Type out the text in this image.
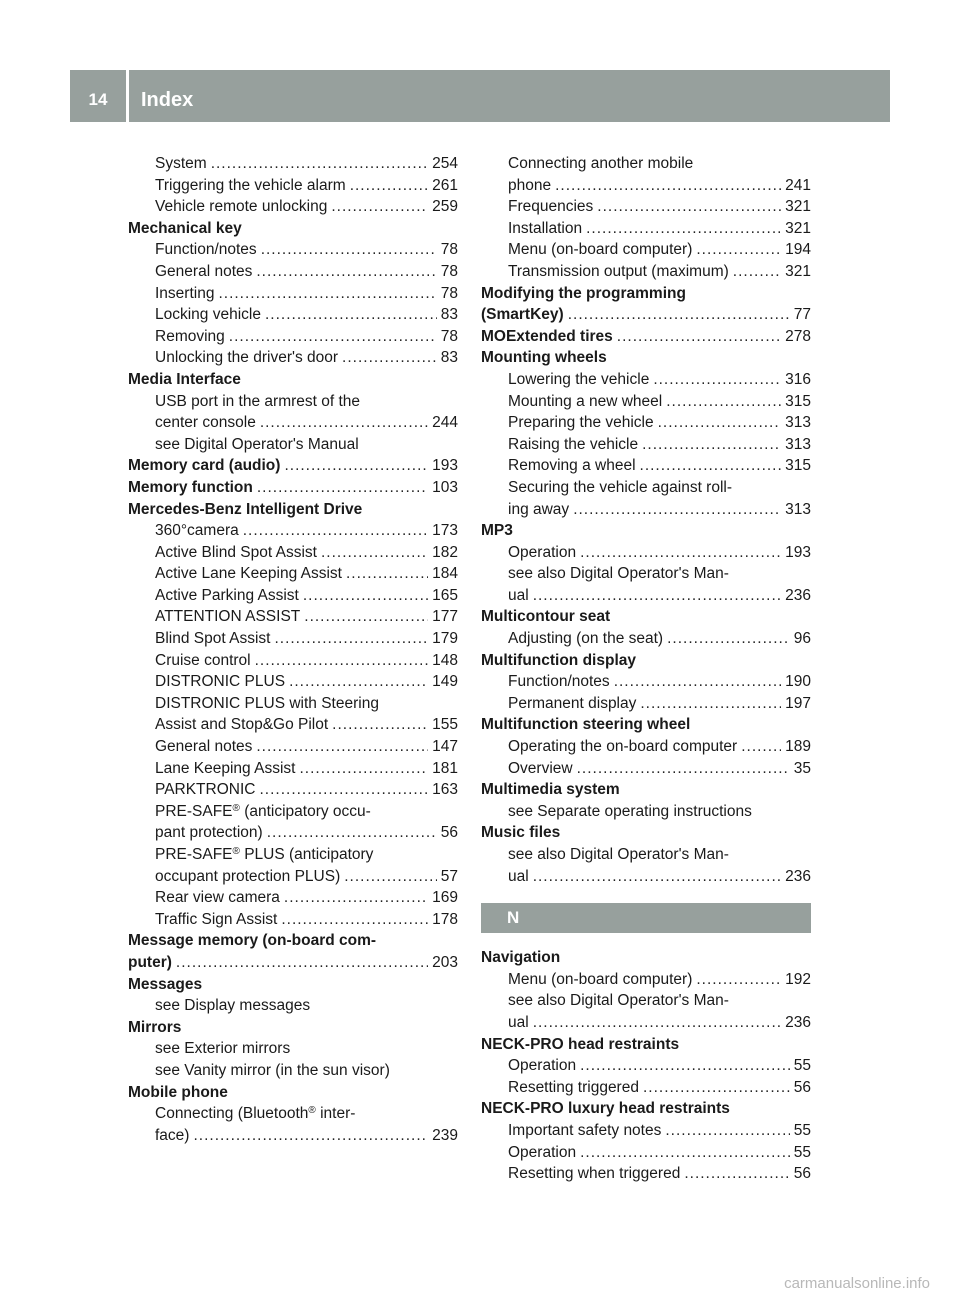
14	Index
System .....	254
Triggering the vehicle alarm .....	261
Vehicle remote unlocking .....	259
Mechanical key
Function/notes .....	78
General notes .....	78
Inserting .....	78
Locking vehicle .....	83
Removing .....	78
Unlocking the driver's door .....	83
Media Interface
USB port in the armrest of the
center console .....	244
see Digital Operator's Manual
Memory card (audio) .....	193
Memory function .....	103
Mercedes-Benz Intelligent Drive
360°camera .....	173
Active Blind Spot Assist .....	182
Active Lane Keeping Assist .....	184
Active Parking Assist .....	165
ATTENTION ASSIST .....	177
Blind Spot Assist .....	179
Cruise control .....	148
DISTRONIC PLUS .....	149
DISTRONIC PLUS with Steering
Assist and Stop&Go Pilot .....	155
General notes .....	147
Lane Keeping Assist .....	181
PARKTRONIC .....	163
PRE-SAFE® (anticipatory occu-
pant protection) .....	56
PRE-SAFE® PLUS (anticipatory
occupant protection PLUS) .....	57
Rear view camera .....	169
Traffic Sign Assist .....	178
Message memory (on-board com-
puter) .....	203
Messages
see Display messages
Mirrors
see Exterior mirrors
see Vanity mirror (in the sun visor)
Mobile phone
Connecting (Bluetooth® inter-
face) .....	239
Connecting another mobile
phone .....	241
Frequencies .....	321
Installation .....	321
Menu (on-board computer) .....	194
Transmission output (maximum) .....	321
Modifying the programming
(SmartKey) .....	77
MOExtended tires .....	278
Mounting wheels
Lowering the vehicle .....	316
Mounting a new wheel .....	315
Preparing the vehicle .....	313
Raising the vehicle .....	313
Removing a wheel .....	315
Securing the vehicle against roll-
ing away .....	313
MP3
Operation .....	193
see also Digital Operator's Man-
ual .....	236
Multicontour seat
Adjusting (on the seat) .....	96
Multifunction display
Function/notes .....	190
Permanent display .....	197
Multifunction steering wheel
Operating the on-board computer .....	189
Overview .....	35
Multimedia system
see Separate operating instructions
Music files
see also Digital Operator's Man-
ual .....	236
N
Navigation
Menu (on-board computer) .....	192
see also Digital Operator's Man-
ual .....	236
NECK-PRO head restraints
Operation .....	55
Resetting triggered .....	56
NECK-PRO luxury head restraints
Important safety notes .....	55
Operation .....	55
Resetting when triggered .....	56
carmanualsonline.info
